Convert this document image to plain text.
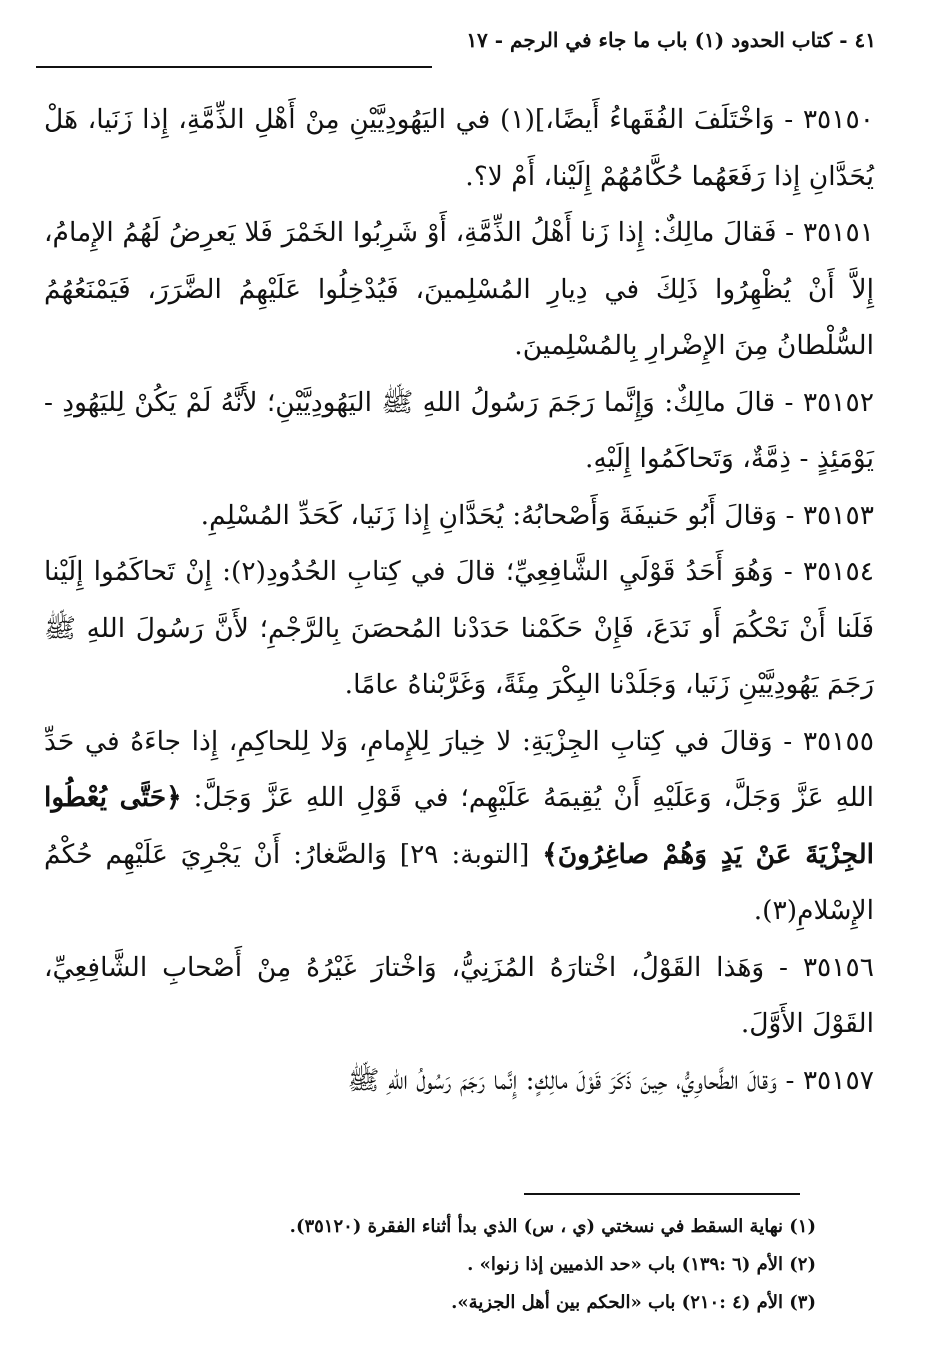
٤١ - كتاب الحدود (١) باب ما جاء في الرجم - ١٧

٣٥١٥٠ - وَاخْتَلَفَ الفُقَهاءُ أَيضًا،](١) في اليَهُودِيَّيْنِ مِنْ أَهْلِ الذِّمَّةِ، إِذا زَنَيا، هَلْ يُحَدَّانِ إِذا رَفَعَهُما حُكَّامُهُمْ إِلَيْنا، أَمْ لا؟.

٣٥١٥١ - فَقالَ مالِكٌ: إِذا زَنا أَهْلُ الذِّمَّةِ، أَوْ شَرِبُوا الخَمْرَ فَلا يَعرِضُ لَهُمُ الإِمامُ، إِلاَّ أَنْ يُظْهِرُوا ذَلِكَ في دِيارِ المُسْلِمينَ، فَيُدْخِلُوا عَلَيْهِمُ الضَّرَرَ، فَيَمْنَعُهُمُ السُّلْطانُ مِنَ الإِضْرارِ بِالمُسْلِمينَ.

٣٥١٥٢ - قالَ مالِكٌ: وَإِنَّما رَجَمَ رَسُولُ اللهِ ﷺ اليَهُودِيَّيْنِ؛ لأَنَّهُ لَمْ يَكُنْ لِليَهُودِ - يَوْمَئِذٍ - ذِمَّةٌ، وَتَحاكَمُوا إِلَيْهِ.

٣٥١٥٣ - وَقالَ أَبُو حَنيفَةَ وَأَصْحابُهُ: يُحَدَّانِ إِذا زَنَيا، كَحَدِّ المُسْلِمِ.

٣٥١٥٤ - وَهُوَ أَحَدُ قَوْلَيِ الشَّافِعِيِّ؛ قالَ في كِتابِ الحُدُودِ(٢): إِنْ تَحاكَمُوا إِلَيْنا فَلَنا أَنْ نَحْكُمَ أَو نَدَعَ، فَإِنْ حَكَمْنا حَدَدْنا المُحصَنَ بِالرَّجْمِ؛ لأَنَّ رَسُولَ اللهِ ﷺ رَجَمَ يَهُودِيَّيْنِ زَنَيا، وَجَلَدْنا البِكْرَ مِئَةً، وَغَرَّبْناهُ عامًا.

٣٥١٥٥ - وَقالَ في كِتابِ الجِزْيَةِ: لا خِيارَ لِلإِمامِ، وَلا لِلحاكِمِ، إِذا جاءَهُ في حَدِّ اللهِ عَزَّ وَجَلَّ، وَعَلَيْهِ أَنْ يُقِيمَهُ عَلَيْهِم؛ في قَوْلِ اللهِ عَزَّ وَجَلَّ: ﴿حَتَّى يُعْطُوا الجِزْيَةَ عَنْ يَدٍ وَهُمْ صاغِرُونَ﴾ [التوبة: ٢٩] وَالصَّغارُ: أَنْ يَجْرِيَ عَلَيْهِم حُكْمُ الإِسْلامِ(٣).

٣٥١٥٦ - وَهَذا القَوْلُ، اخْتارَهُ المُزَنِيُّ، وَاخْتارَ غَيْرُهُ مِنْ أَصْحابِ الشَّافِعِيِّ، القَوْلَ الأَوَّلَ.

٣٥١٥٧ - وَقالَ الطَّحاوِيُّ، حِينَ ذَكَرَ قَوْلَ مالِكٍ: إِنَّما رَجَمَ رَسُولُ اللهِ ﷺ

(١) نهاية السقط في نسختي (ي ، س) الذي بدأ أثناء الفقرة (٣٥١٢٠).

(٢) الأم (٦ :١٣٩) باب «حد الذميين إذا زنوا» .

(٣) الأم (٤ :٢١٠) باب «الحكم بين أهل الجزية».
